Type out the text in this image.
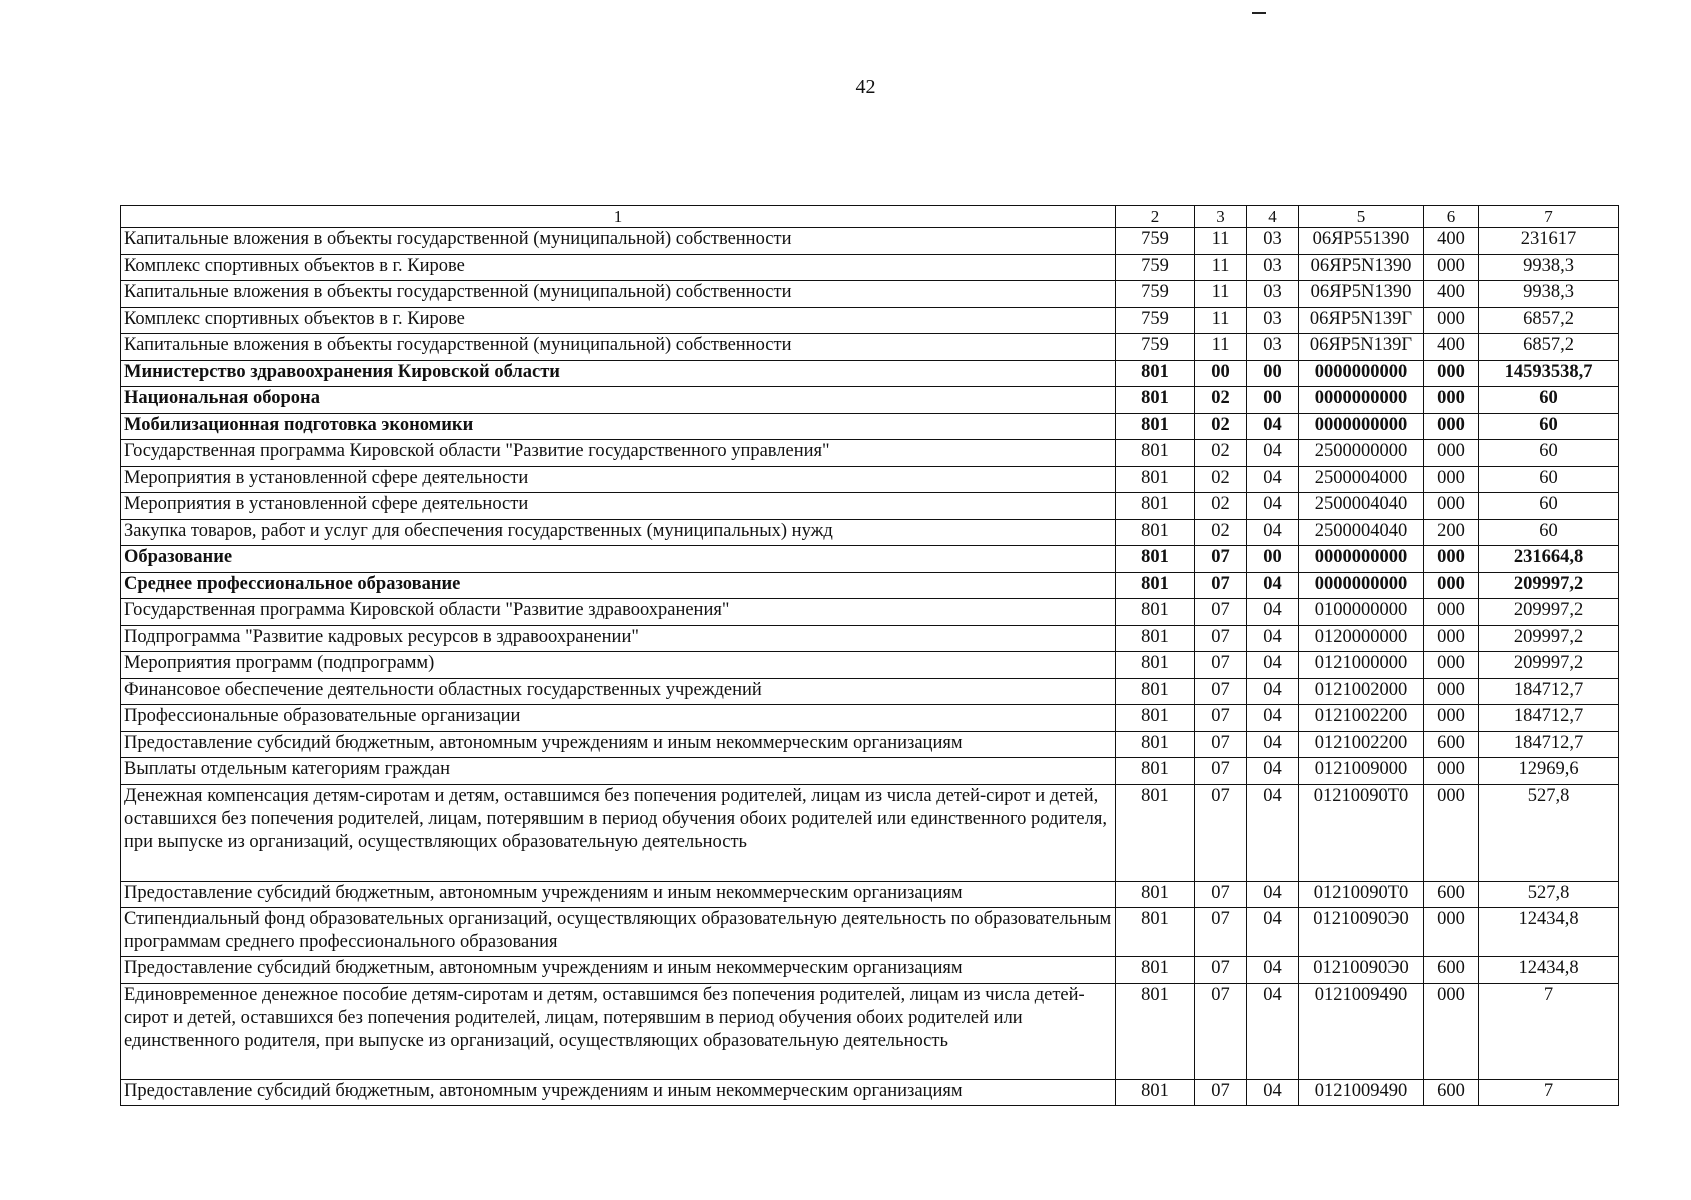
42
1	2	3	4	5	6	7
Капитальные вложения в объекты государственной (муниципальной) собственности	759	11	03	06ЯР551390	400	231617
Комплекс спортивных объектов в г. Кирове	759	11	03	06ЯР5N1390	000	9938,3
Капитальные вложения в объекты государственной (муниципальной) собственности	759	11	03	06ЯР5N1390	400	9938,3
Комплекс спортивных объектов в г. Кирове	759	11	03	06ЯР5N139Г	000	6857,2
Капитальные вложения в объекты государственной (муниципальной) собственности	759	11	03	06ЯР5N139Г	400	6857,2
Министерство здравоохранения Кировской области	801	00	00	0000000000	000	14593538,7
Национальная оборона	801	02	00	0000000000	000	60
Мобилизационная подготовка экономики	801	02	04	0000000000	000	60
Государственная программа Кировской области "Развитие государственного управления"	801	02	04	2500000000	000	60
Мероприятия в установленной сфере деятельности	801	02	04	2500004000	000	60
Мероприятия в установленной сфере деятельности	801	02	04	2500004040	000	60
Закупка товаров, работ и услуг для обеспечения государственных (муниципальных) нужд	801	02	04	2500004040	200	60
Образование	801	07	00	0000000000	000	231664,8
Среднее профессиональное образование	801	07	04	0000000000	000	209997,2
Государственная программа Кировской области "Развитие здравоохранения"	801	07	04	0100000000	000	209997,2
Подпрограмма "Развитие кадровых ресурсов в здравоохранении"	801	07	04	0120000000	000	209997,2
Мероприятия программ (подпрограмм)	801	07	04	0121000000	000	209997,2
Финансовое обеспечение деятельности областных государственных учреждений	801	07	04	0121002000	000	184712,7
Профессиональные образовательные организации	801	07	04	0121002200	000	184712,7
Предоставление субсидий бюджетным, автономным учреждениям и иным некоммерческим организациям	801	07	04	0121002200	600	184712,7
Выплаты отдельным категориям граждан	801	07	04	0121009000	000	12969,6
Денежная компенсация детям-сиротам и детям, оставшимся без попечения родителей, лицам из числа детей-сирот и детей, оставшихся без попечения родителей, лицам, потерявшим в период обучения обоих родителей или единственного родителя, при выпуске из организаций, осуществляющих образовательную деятельность	801	07	04	01210090Т0	000	527,8
Предоставление субсидий бюджетным, автономным учреждениям и иным некоммерческим организациям	801	07	04	01210090Т0	600	527,8
Стипендиальный фонд образовательных организаций, осуществляющих образовательную деятельность по образовательным программам среднего профессионального образования	801	07	04	01210090Э0	000	12434,8
Предоставление субсидий бюджетным, автономным учреждениям и иным некоммерческим организациям	801	07	04	01210090Э0	600	12434,8
Единовременное денежное пособие детям-сиротам и детям, оставшимся без попечения родителей, лицам из числа детей-сирот и детей, оставшихся без попечения родителей, лицам, потерявшим в период обучения обоих родителей или единственного родителя, при выпуске из организаций, осуществляющих образовательную деятельность	801	07	04	0121009490	000	7
Предоставление субсидий бюджетным, автономным учреждениям и иным некоммерческим организациям	801	07	04	0121009490	600	7
